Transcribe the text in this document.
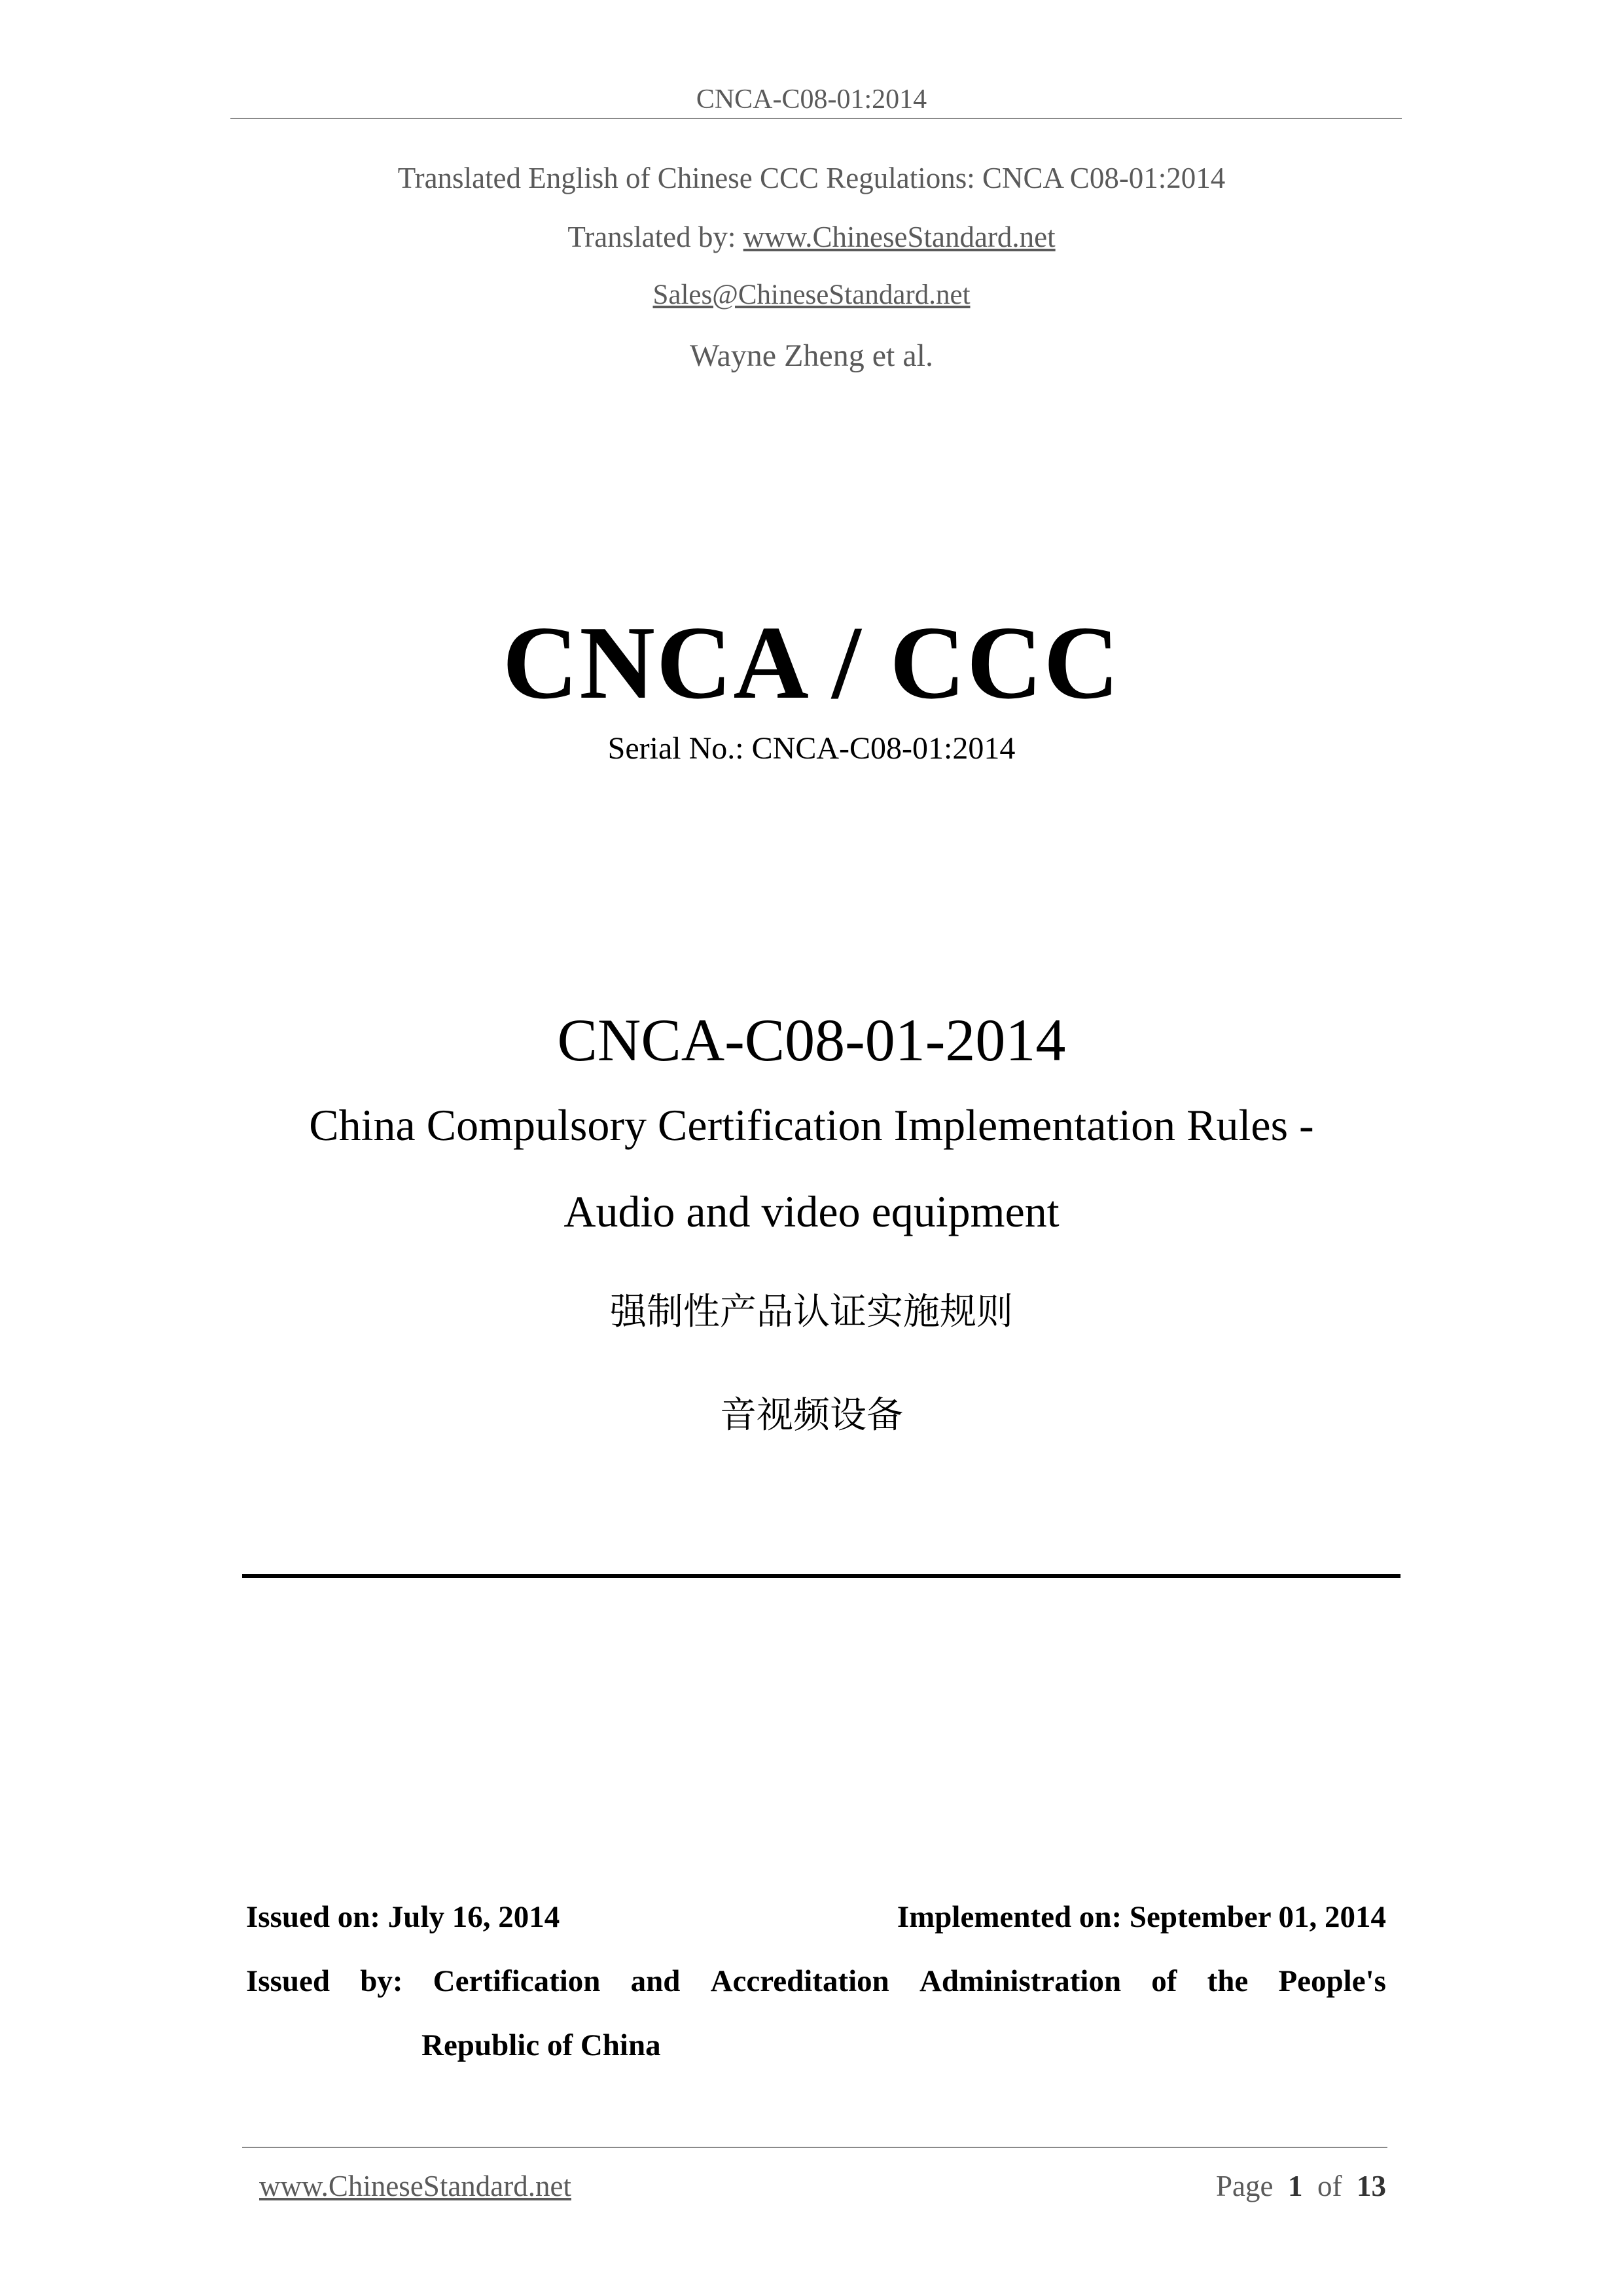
CNCA-C08-01:2014
Translated English of Chinese CCC Regulations: CNCA C08-01:2014
Translated by: www.ChineseStandard.net
Sales@ChineseStandard.net
Wayne Zheng et al.
CNCA / CCC
Serial No.: CNCA-C08-01:2014
CNCA-C08-01-2014
China Compulsory Certification Implementation Rules -
Audio and video equipment
强制性产品认证实施规则
音视频设备
Issued on: July 16, 2014	Implemented on: September 01, 2014
Issued by: Certification and Accreditation Administration of the People's
Republic of China
www.ChineseStandard.net	Page 1 of 13
